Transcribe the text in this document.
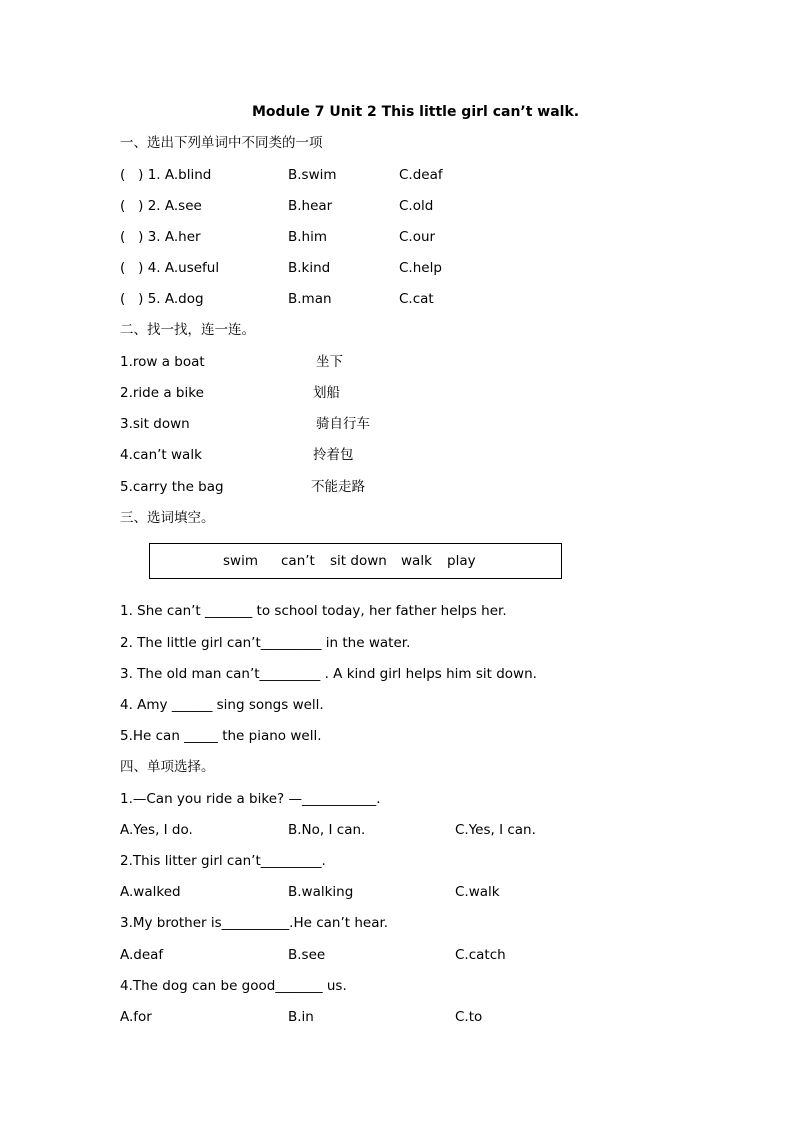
Module 7 Unit 2 This little girl can’t walk.
一、选出下列单词中不同类的一项
(   ) 1. A.blind	B.swim	C.deaf
(   ) 2. A.see	B.hear	C.old
(   ) 3. A.her	B.him	C.our
(   ) 4. A.useful	B.kind	C.help
(   ) 5. A.dog	B.man	C.cat
二、找一找，连一连。
1.row a boat	坐下
2.ride a bike	划船
3.sit down	骑自行车
4.can’t walk	拎着包
5.carry the bag	不能走路
三、选词填空。
swim can’t sit down walk play
1. She can’t _______ to school today, her father helps her.
2. The little girl can’t_________ in the water.
3. The old man can’t_________ . A kind girl helps him sit down.
4. Amy ______ sing songs well.
5.He can _____ the piano well.
四、单项选择。
1.—Can you ride a bike? —___________.
A.Yes, I do.	B.No, I can.	C.Yes, I can.
2.This litter girl can’t_________.
A.walked	B.walking	C.walk
3.My brother is__________.He can’t hear.
A.deaf	B.see	C.catch
4.The dog can be good_______ us.
A.for	B.in	C.to
